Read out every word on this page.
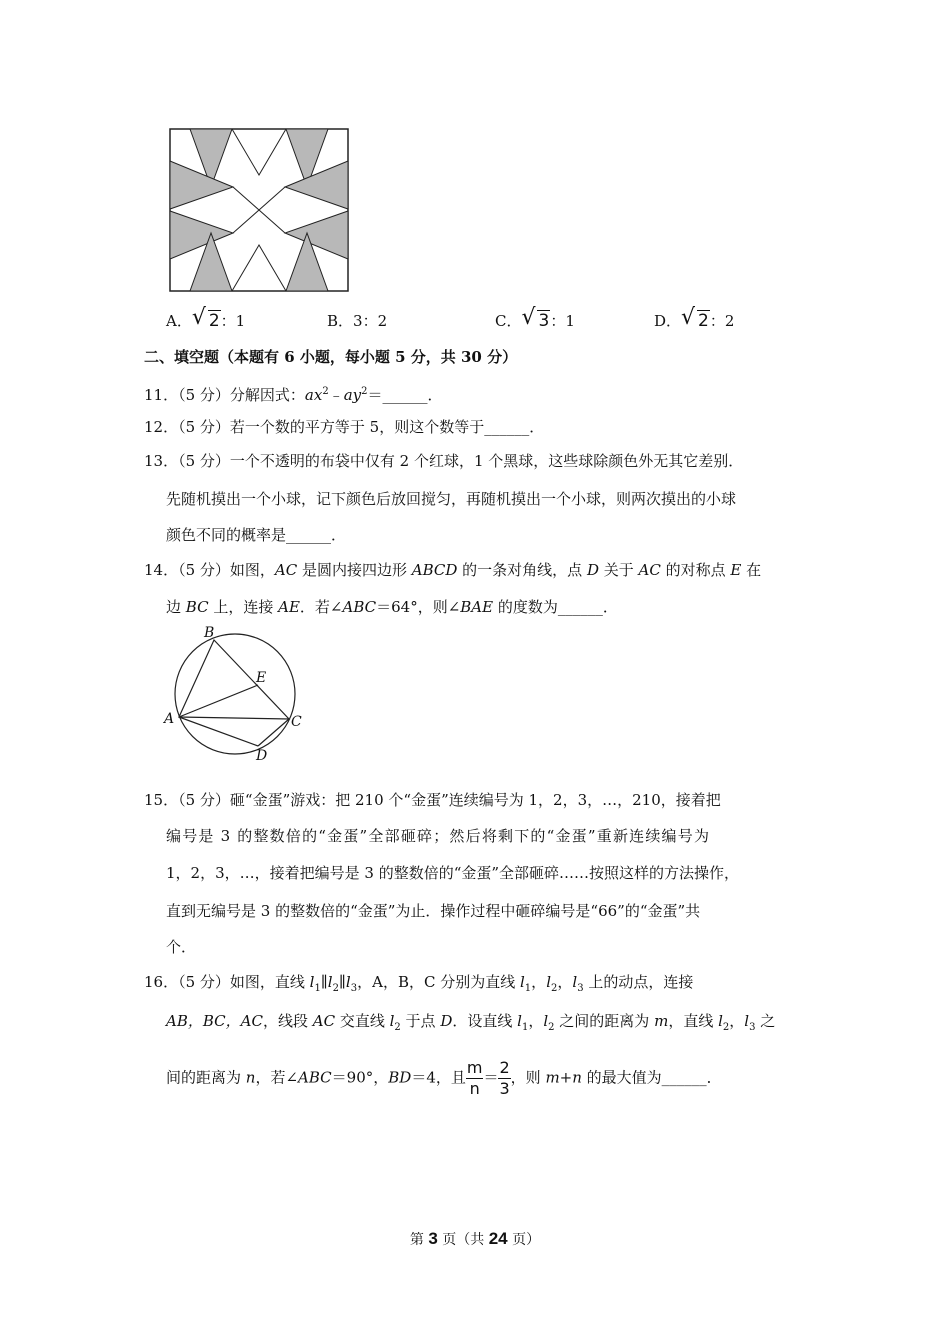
A． √ 2：1	B．3：2	C． √ 3：1	D． √ 2：2
二、填空题（本题有 6 小题，每小题 5 分，共 30 分）
11．（5 分）分解因式：$ax^2﹣ay^2=\_\_\_\_\_\_$．
12．（5 分）若一个数的平方等于 5，则这个数等于______．
13．（5 分）一个不透明的布袋中仅有 2 个红球，1 个黑球，这些球除颜色外无其它差别．
先随机摸出一个小球，记下颜色后放回搅匀，再随机摸出一个小球，则两次摸出的小球
颜色不同的概率是______．
14．（5 分）如图，AC 是圆内接四边形 ABCD 的一条对角线，点 D 关于 AC 的对称点 E 在
边 BC 上，连接 AE．若∠ABC＝64°，则∠BAE 的度数为______．
B
A	C
E
D
15．（5 分）砸“金蛋”游戏：把 210 个“金蛋”连续编号为 1，2，3，…，210，接着把
编号是 3 的整数倍的“金蛋”全部砸碎；然后将剩下的“金蛋”重新连续编号为
1，2，3，…，接着把编号是 3 的整数倍的“金蛋”全部砸碎……按照这样的方法操作，
直到无编号是 3 的整数倍的“金蛋”为止．操作过程中砸碎编号是“66”的“金蛋”共
个．
16．（5 分）如图，直线 $l_1\parallel l_2\parallel l_3$，A，B，C 分别为直线 $l_1$，$l_2$，$l_3$ 上的动点，连接
AB，BC，AC，线段 AC 交直线 $l_2$ 于点 D．设直线 $l_1$，$l_2$ 之间的距离为 m，直线 $l_2$，$l_3$ 之
间的距离为 n，若∠ABC＝90°，BD＝4，且 $\frac{m}{n} = \frac{2}{3}$ ，则 m+n 的最大值为______．
第 3 页（共 24 页）
